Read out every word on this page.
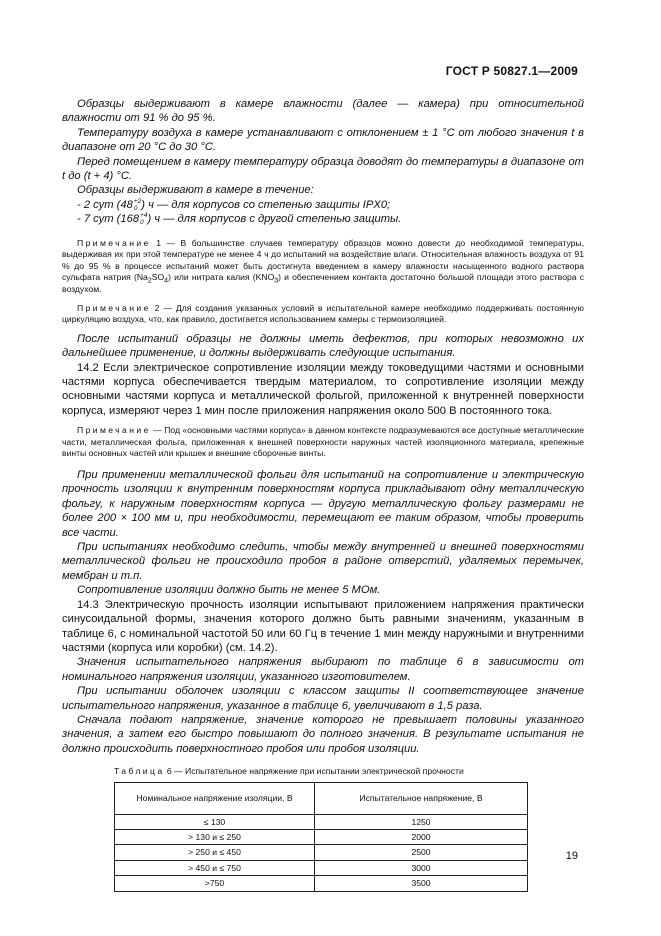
ГОСТ Р 50827.1—2009
Образцы выдерживают в камере влажности (далее — камера) при относительной влажности от 91 % до 95 %.
Температуру воздуха в камере устанавливают с отклонением ± 1 °С от любого значения t в диапазоне от 20 °С до 30 °С.
Перед помещением в камеру температуру образца доводят до температуры в диапазоне от t до (t + 4) °С.
Образцы выдерживают в камере в течение:
- 2 сут (48+2
0 ) ч — для корпусов со степенью защиты IPX0;
- 7 сут (168+4
0 ) ч — для корпусов с другой степенью защиты.
Примечание 1 — В большинстве случаев температуру образцов можно довести до необходимой температуры, выдерживая их при этой температуре не менее 4 ч до испытаний на воздействие влаги. Относительная влажность воздуха от 91 % до 95 % в процессе испытаний может быть достигнута введением в камеру влажности насыщенного водного раствора сульфата натрия $(Na_2SO_4)$ или нитрата калия $(KNO_3)$ и обеспечением контакта достаточно большой площади этого раствора с воздухом.
Примечание 2 — Для создания указанных условий в испытательной камере необходимо поддерживать постоянную циркуляцию воздуха, что, как правило, достигается использованием камеры с термоизоляцией.
После испытаний образцы не должны иметь дефектов, при которых невозможно их дальнейшее применение, и должны выдерживать следующие испытания.
14.2 Если электрическое сопротивление изоляции между токоведущими частями и основными частями корпуса обеспечивается твердым материалом, то сопротивление изоляции между основными частями корпуса и металлической фольгой, приложенной к внутренней поверхности корпуса, измеряют через 1 мин после приложения напряжения около 500 В постоянного тока.
Примечание — Под «основными частями корпуса» в данном контексте подразумеваются все доступные металлические части, металлическая фольга, приложенная к внешней поверхности наружных частей изоляционного материала, крепежные винты основных частей или крышек и внешние сборочные винты.
При применении металлической фольги для испытаний на сопротивление и электрическую прочность изоляции к внутренним поверхностям корпуса прикладывают одну металлическую фольгу, к наружным поверхностям корпуса — другую металлическую фольгу размерами не более 200 × 100 мм и, при необходимости, перемещают ее таким образом, чтобы проверить все части.
При испытаниях необходимо следить, чтобы между внутренней и внешней поверхностями металлической фольги не происходило пробоя в районе отверстий, удаляемых перемычек, мембран и т.п.
Сопротивление изоляции должно быть не менее 5 МОм.
14.3 Электрическую прочность изоляции испытывают приложением напряжения практически синусоидальной формы, значения которого должно быть равными значениям, указанным в таблице 6, с номинальной частотой 50 или 60 Гц в течение 1 мин между наружными и внутренними частями (корпуса или коробки) (см. 14.2).
Значения испытательного напряжения выбирают по таблице 6 в зависимости от номинального напряжения изоляции, указанного изготовителем.
При испытании оболочек изоляции с классом защиты II соответствующее значение испытательного напряжения, указанное в таблице 6, увеличивают в 1,5 раза.
Сначала подают напряжение, значение которого не превышает половины указанного значения, а затем его быстро повышают до полного значения. В результате испытания не должно происходить поверхностного пробоя или пробоя изоляции.
Таблица 6 — Испытательное напряжение при испытании электрической прочности
Номинальное напряжение изоляции, В	Испытательное напряжение, В
≤ 130	1250
> 130 и ≤ 250	2000
> 250 и ≤ 450	2500
> 450 и ≤ 750	3000
>750	3500
19
